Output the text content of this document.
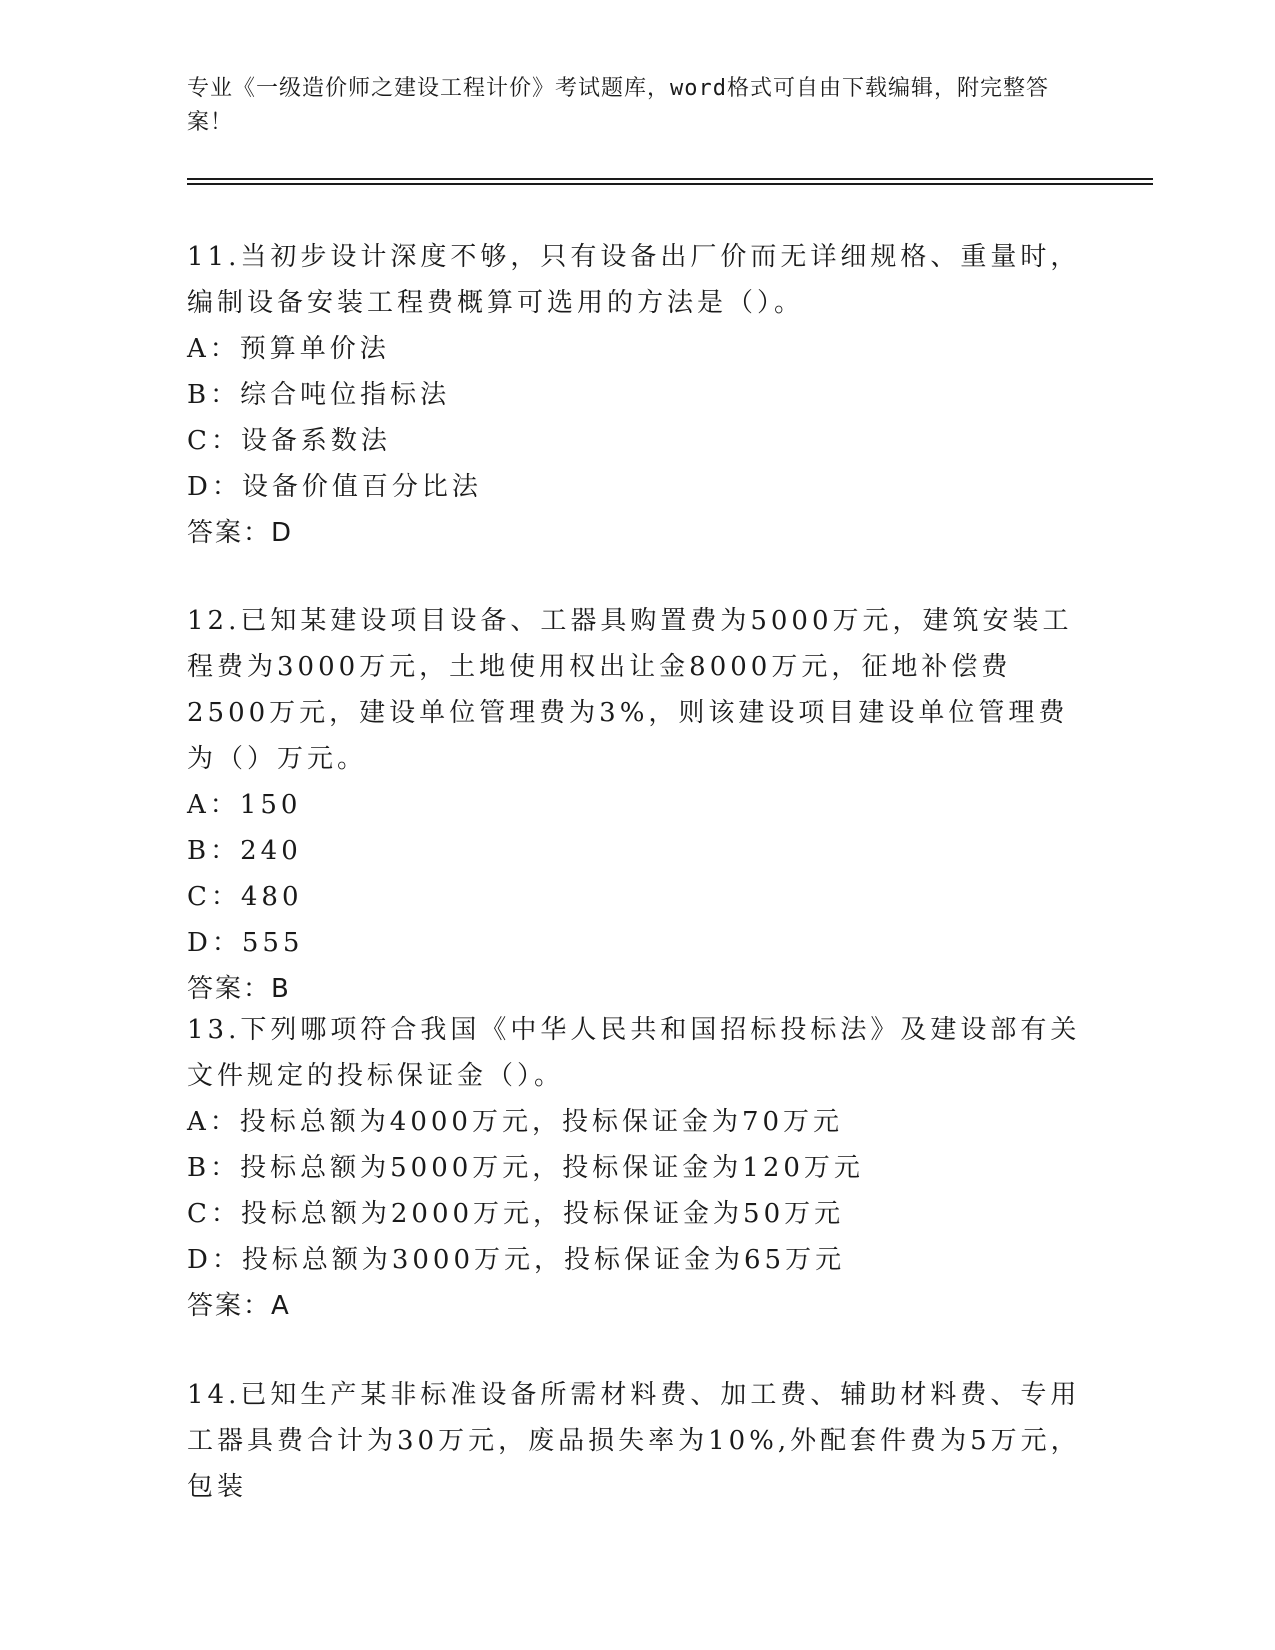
专业《一级造价师之建设工程计价》考试题库，word格式可自由下载编辑，附完整答案！
11.当初步设计深度不够，只有设备出厂价而无详细规格、重量时，编制设备安装工程费概算可选用的方法是（）。
A：预算单价法
B：综合吨位指标法
C：设备系数法
D：设备价值百分比法
答案：D
12.已知某建设项目设备、工器具购置费为5000万元，建筑安装工程费为3000万元，土地使用权出让金8000万元，征地补偿费2500万元，建设单位管理费为3%，则该建设项目建设单位管理费为（）万元。
A：150
B：240
C：480
D：555
答案：B
13.下列哪项符合我国《中华人民共和国招标投标法》及建设部有关文件规定的投标保证金（）。
A：投标总额为4000万元，投标保证金为70万元
B：投标总额为5000万元，投标保证金为120万元
C：投标总额为2000万元，投标保证金为50万元
D：投标总额为3000万元，投标保证金为65万元
答案：A
14.已知生产某非标准设备所需材料费、加工费、辅助材料费、专用工器具费合计为30万元，废品损失率为10%,外配套件费为5万元，包装
